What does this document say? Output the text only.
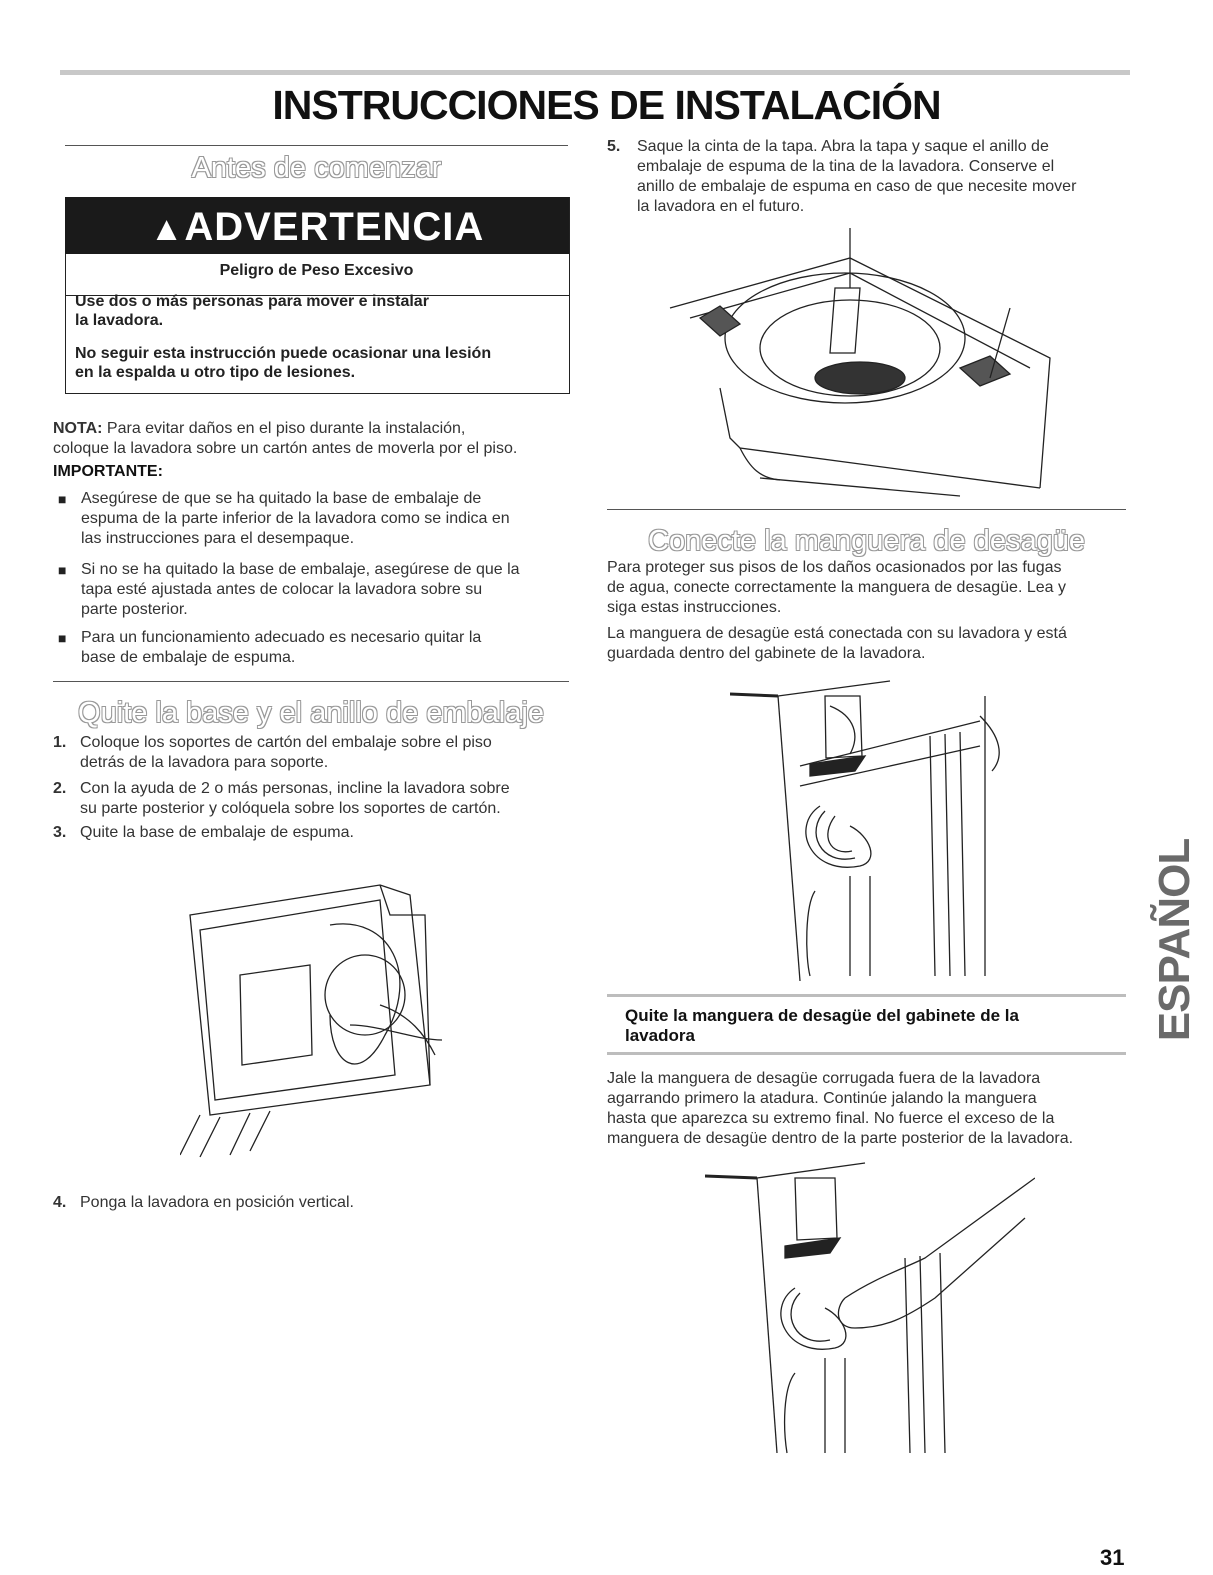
INSTRUCCIONES DE INSTALACIÓN
Antes de comenzar
▲ADVERTENCIA
Peligro de Peso Excesivo
Use dos o más personas para mover e instalar
la lavadora.
No seguir esta instrucción puede ocasionar una lesión
en la espalda u otro tipo de lesiones.
NOTA: Para evitar daños en el piso durante la instalación,
coloque la lavadora sobre un cartón antes de moverla por el piso.
IMPORTANTE:
■ Asegúrese de que se ha quitado la base de embalaje de
espuma de la parte inferior de la lavadora como se indica en
las instrucciones para el desempaque.
■ Si no se ha quitado la base de embalaje, asegúrese de que la
tapa esté ajustada antes de colocar la lavadora sobre su
parte posterior.
■ Para un funcionamiento adecuado es necesario quitar la
base de embalaje de espuma.
Quite la base y el anillo de embalaje
1. Coloque los soportes de cartón del embalaje sobre el piso
detrás de la lavadora para soporte.
2. Con la ayuda de 2 o más personas, incline la lavadora sobre
su parte posterior y colóquela sobre los soportes de cartón.
3. Quite la base de embalaje de espuma.
4. Ponga la lavadora en posición vertical.
5. Saque la cinta de la tapa. Abra la tapa y saque el anillo de
embalaje de espuma de la tina de la lavadora. Conserve el
anillo de embalaje de espuma en caso de que necesite mover
la lavadora en el futuro.
Conecte la manguera de desagüe
Para proteger sus pisos de los daños ocasionados por las fugas
de agua, conecte correctamente la manguera de desagüe. Lea y
siga estas instrucciones.
La manguera de desagüe está conectada con su lavadora y está
guardada dentro del gabinete de la lavadora.
Quite la manguera de desagüe del gabinete de la
lavadora
Jale la manguera de desagüe corrugada fuera de la lavadora
agarrando primero la atadura. Continúe jalando la manguera
hasta que aparezca su extremo final. No fuerce el exceso de la
manguera de desagüe dentro de la parte posterior de la lavadora.
ESPAÑOL
31
